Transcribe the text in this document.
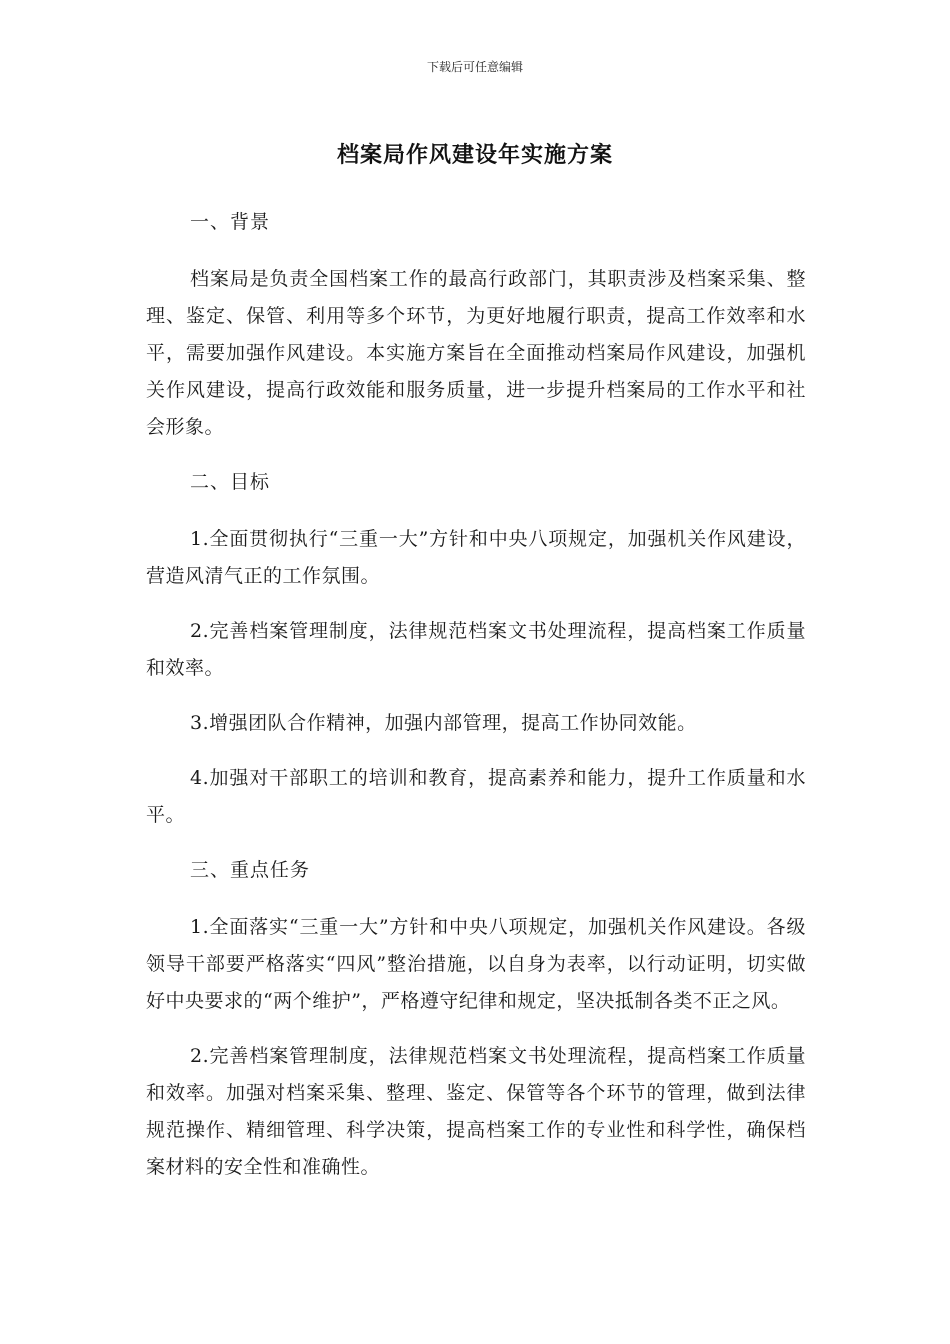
下载后可任意编辑
档案局作风建设年实施方案
一、背景

档案局是负责全国档案工作的最高行政部门，其职责涉及档案采集、整理、鉴定、保管、利用等多个环节，为更好地履行职责，提高工作效率和水平，需要加强作风建设。本实施方案旨在全面推动档案局作风建设，加强机关作风建设，提高行政效能和服务质量，进一步提升档案局的工作水平和社会形象。

二、目标

1.全面贯彻执行“三重一大”方针和中央八项规定，加强机关作风建设，营造风清气正的工作氛围。

2.完善档案管理制度，法律规范档案文书处理流程，提高档案工作质量和效率。

3.增强团队合作精神，加强内部管理，提高工作协同效能。

4.加强对干部职工的培训和教育，提高素养和能力，提升工作质量和水平。

三、重点任务

1.全面落实“三重一大”方针和中央八项规定，加强机关作风建设。各级领导干部要严格落实“四风”整治措施，以自身为表率，以行动证明，切实做好中央要求的“两个维护”，严格遵守纪律和规定，坚决抵制各类不正之风。

2.完善档案管理制度，法律规范档案文书处理流程，提高档案工作质量和效率。加强对档案采集、整理、鉴定、保管等各个环节的管理，做到法律规范操作、精细管理、科学决策，提高档案工作的专业性和科学性，确保档案材料的安全性和准确性。
